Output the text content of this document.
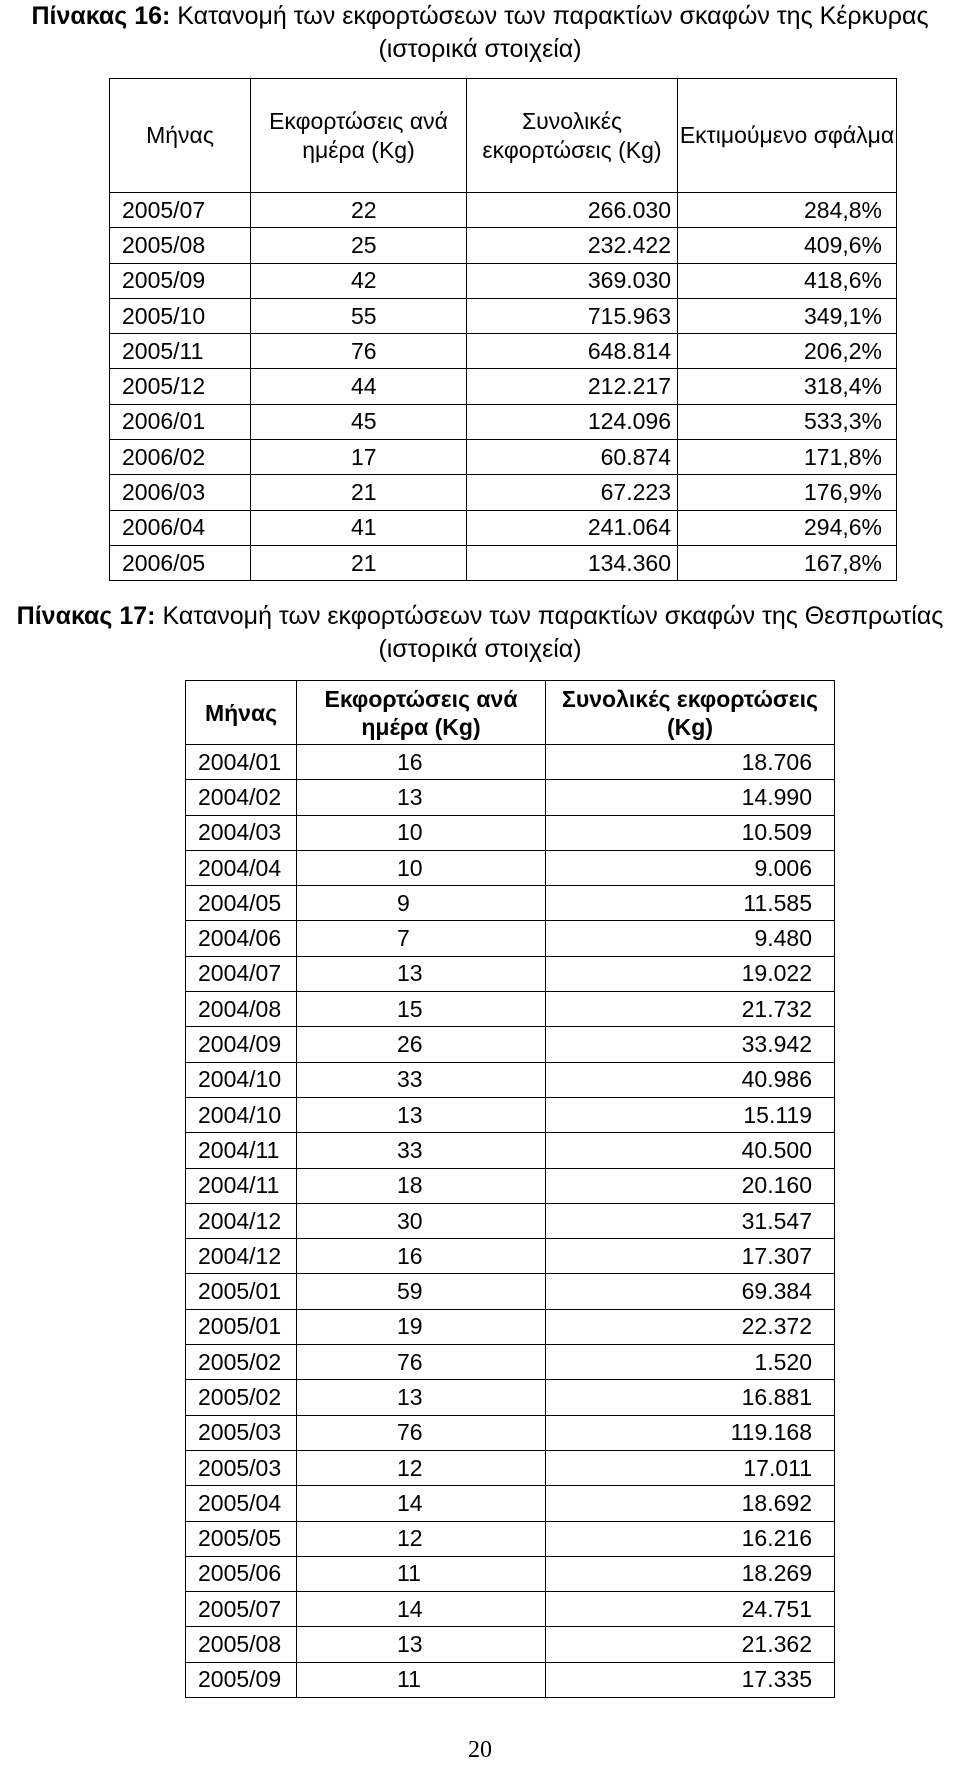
Πίνακας 16: Κατανομή των εκφορτώσεων των παρακτίων σκαφών της Κέρκυρας (ιστορικά στοιχεία)
Μήνας	Εκφορτώσεις ανά ημέρα (Kg)	Συνολικές εκφορτώσεις (Kg)	Εκτιμούμενο σφάλμα
2005/07	22	266.030	284,8%
2005/08	25	232.422	409,6%
2005/09	42	369.030	418,6%
2005/10	55	715.963	349,1%
2005/11	76	648.814	206,2%
2005/12	44	212.217	318,4%
2006/01	45	124.096	533,3%
2006/02	17	60.874	171,8%
2006/03	21	67.223	176,9%
2006/04	41	241.064	294,6%
2006/05	21	134.360	167,8%
Πίνακας 17: Κατανομή των εκφορτώσεων των παρακτίων σκαφών της Θεσπρωτίας (ιστορικά στοιχεία)
Μήνας	Εκφορτώσεις ανά ημέρα (Kg)	Συνολικές εκφορτώσεις (Kg)
2004/01	16	18.706
2004/02	13	14.990
2004/03	10	10.509
2004/04	10	9.006
2004/05	9	11.585
2004/06	7	9.480
2004/07	13	19.022
2004/08	15	21.732
2004/09	26	33.942
2004/10	33	40.986
2004/10	13	15.119
2004/11	33	40.500
2004/11	18	20.160
2004/12	30	31.547
2004/12	16	17.307
2005/01	59	69.384
2005/01	19	22.372
2005/02	76	1.520
2005/02	13	16.881
2005/03	76	119.168
2005/03	12	17.011
2005/04	14	18.692
2005/05	12	16.216
2005/06	11	18.269
2005/07	14	24.751
2005/08	13	21.362
2005/09	11	17.335
20
